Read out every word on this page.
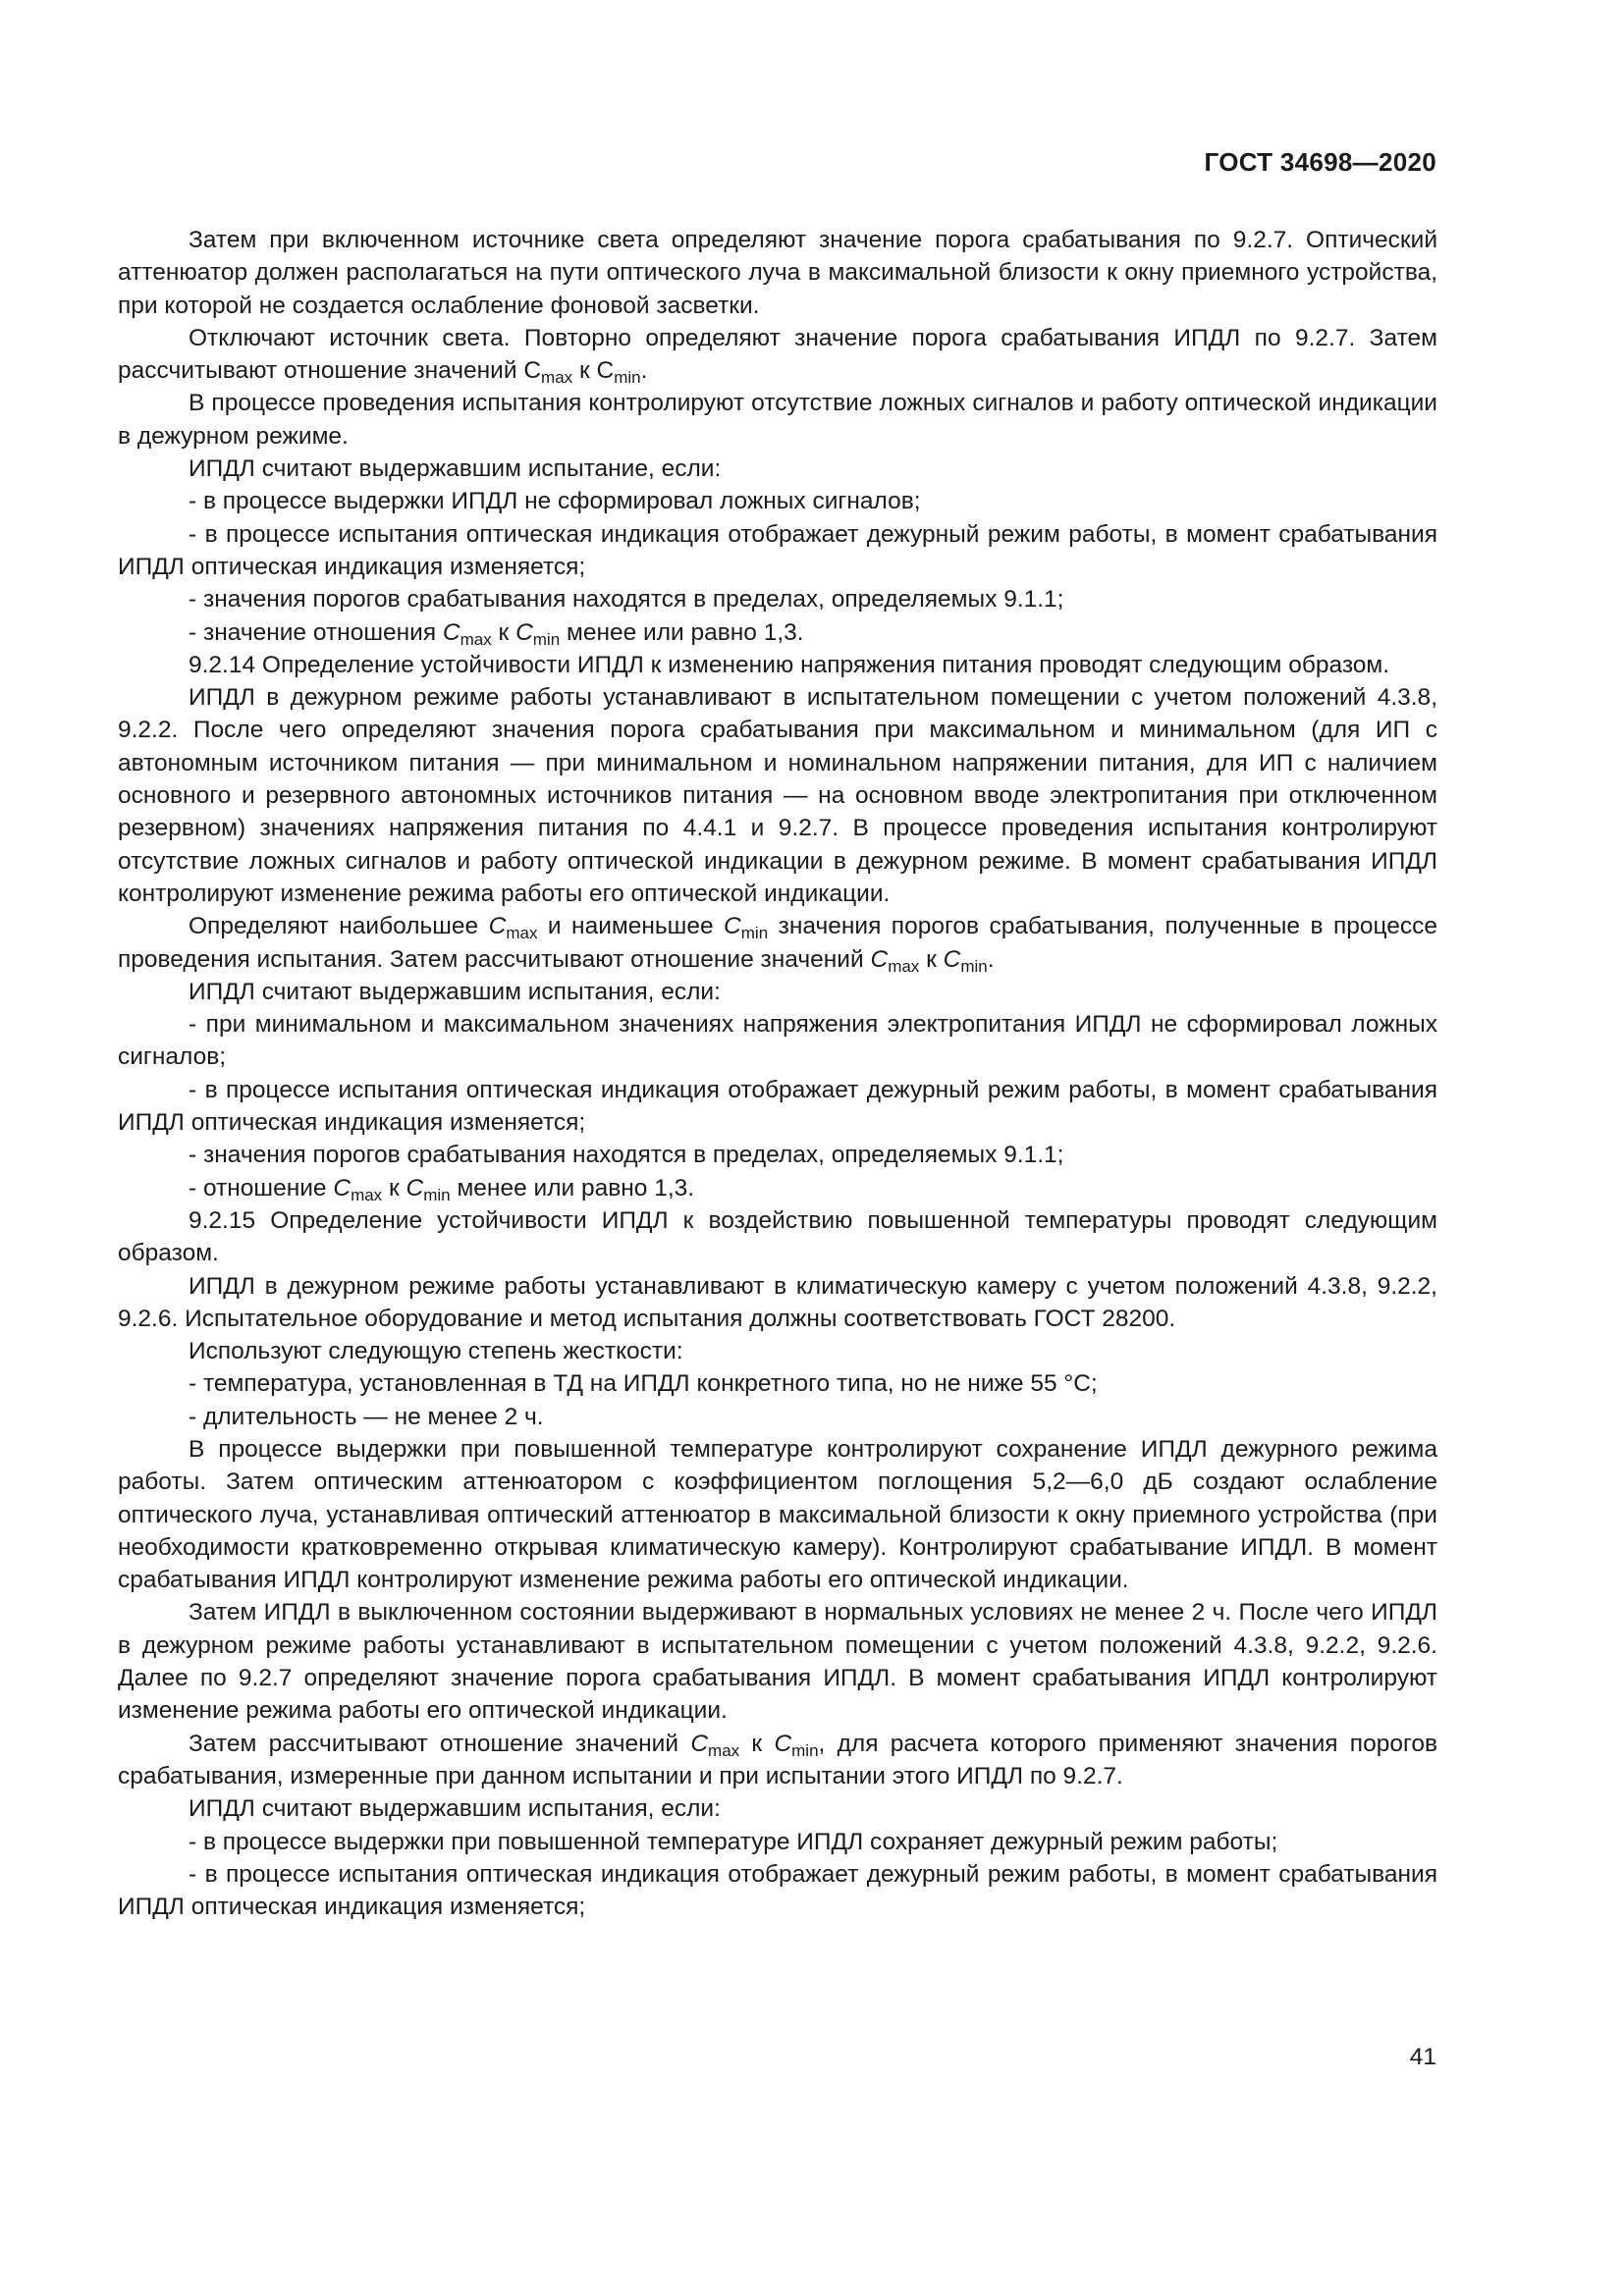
ГОСТ 34698—2020

Затем при включенном источнике света определяют значение порога срабатывания по 9.2.7. Оптический аттенюатор должен располагаться на пути оптического луча в максимальной близости к окну приемного устройства, при которой не создается ослабление фоновой засветки.

Отключают источник света. Повторно определяют значение порога срабатывания ИПДЛ по 9.2.7. Затем рассчитывают отношение значений $C_{max}$ к $C_{min}$.

В процессе проведения испытания контролируют отсутствие ложных сигналов и работу оптической индикации в дежурном режиме.

ИПДЛ считают выдержавшим испытание, если:

- в процессе выдержки ИПДЛ не сформировал ложных сигналов;

- в процессе испытания оптическая индикация отображает дежурный режим работы, в момент срабатывания ИПДЛ оптическая индикация изменяется;

- значения порогов срабатывания находятся в пределах, определяемых 9.1.1;

- значение отношения $C_{max}$ к $C_{min}$ менее или равно 1,3.

9.2.14 Определение устойчивости ИПДЛ к изменению напряжения питания проводят следующим образом.

ИПДЛ в дежурном режиме работы устанавливают в испытательном помещении с учетом положений 4.3.8, 9.2.2. После чего определяют значения порога срабатывания при максимальном и минимальном (для ИП с автономным источником питания — при минимальном и номинальном напряжении питания, для ИП с наличием основного и резервного автономных источников питания — на основном вводе электропитания при отключенном резервном) значениях напряжения питания по 4.4.1 и 9.2.7. В процессе проведения испытания контролируют отсутствие ложных сигналов и работу оптической индикации в дежурном режиме. В момент срабатывания ИПДЛ контролируют изменение режима работы его оптической индикации.

Определяют наибольшее $C_{max}$ и наименьшее $C_{min}$ значения порогов срабатывания, полученные в процессе проведения испытания. Затем рассчитывают отношение значений $C_{max}$ к $C_{min}$.

ИПДЛ считают выдержавшим испытания, если:

- при минимальном и максимальном значениях напряжения электропитания ИПДЛ не сформировал ложных сигналов;

- в процессе испытания оптическая индикация отображает дежурный режим работы, в момент срабатывания ИПДЛ оптическая индикация изменяется;

- значения порогов срабатывания находятся в пределах, определяемых 9.1.1;

- отношение $C_{max}$ к $C_{min}$ менее или равно 1,3.

9.2.15 Определение устойчивости ИПДЛ к воздействию повышенной температуры проводят следующим образом.

ИПДЛ в дежурном режиме работы устанавливают в климатическую камеру с учетом положений 4.3.8, 9.2.2, 9.2.6. Испытательное оборудование и метод испытания должны соответствовать ГОСТ 28200.

Используют следующую степень жесткости:

- температура, установленная в ТД на ИПДЛ конкретного типа, но не ниже 55 °С;

- длительность — не менее 2 ч.

В процессе выдержки при повышенной температуре контролируют сохранение ИПДЛ дежурного режима работы. Затем оптическим аттенюатором с коэффициентом поглощения 5,2—6,0 дБ создают ослабление оптического луча, устанавливая оптический аттенюатор в максимальной близости к окну приемного устройства (при необходимости кратковременно открывая климатическую камеру). Контролируют срабатывание ИПДЛ. В момент срабатывания ИПДЛ контролируют изменение режима работы его оптической индикации.

Затем ИПДЛ в выключенном состоянии выдерживают в нормальных условиях не менее 2 ч. После чего ИПДЛ в дежурном режиме работы устанавливают в испытательном помещении с учетом положений 4.3.8, 9.2.2, 9.2.6. Далее по 9.2.7 определяют значение порога срабатывания ИПДЛ. В момент срабатывания ИПДЛ контролируют изменение режима работы его оптической индикации.

Затем рассчитывают отношение значений $C_{max}$ к $C_{min}$, для расчета которого применяют значения порогов срабатывания, измеренные при данном испытании и при испытании этого ИПДЛ по 9.2.7.

ИПДЛ считают выдержавшим испытания, если:

- в процессе выдержки при повышенной температуре ИПДЛ сохраняет дежурный режим работы;

- в процессе испытания оптическая индикация отображает дежурный режим работы, в момент срабатывания ИПДЛ оптическая индикация изменяется;

41
